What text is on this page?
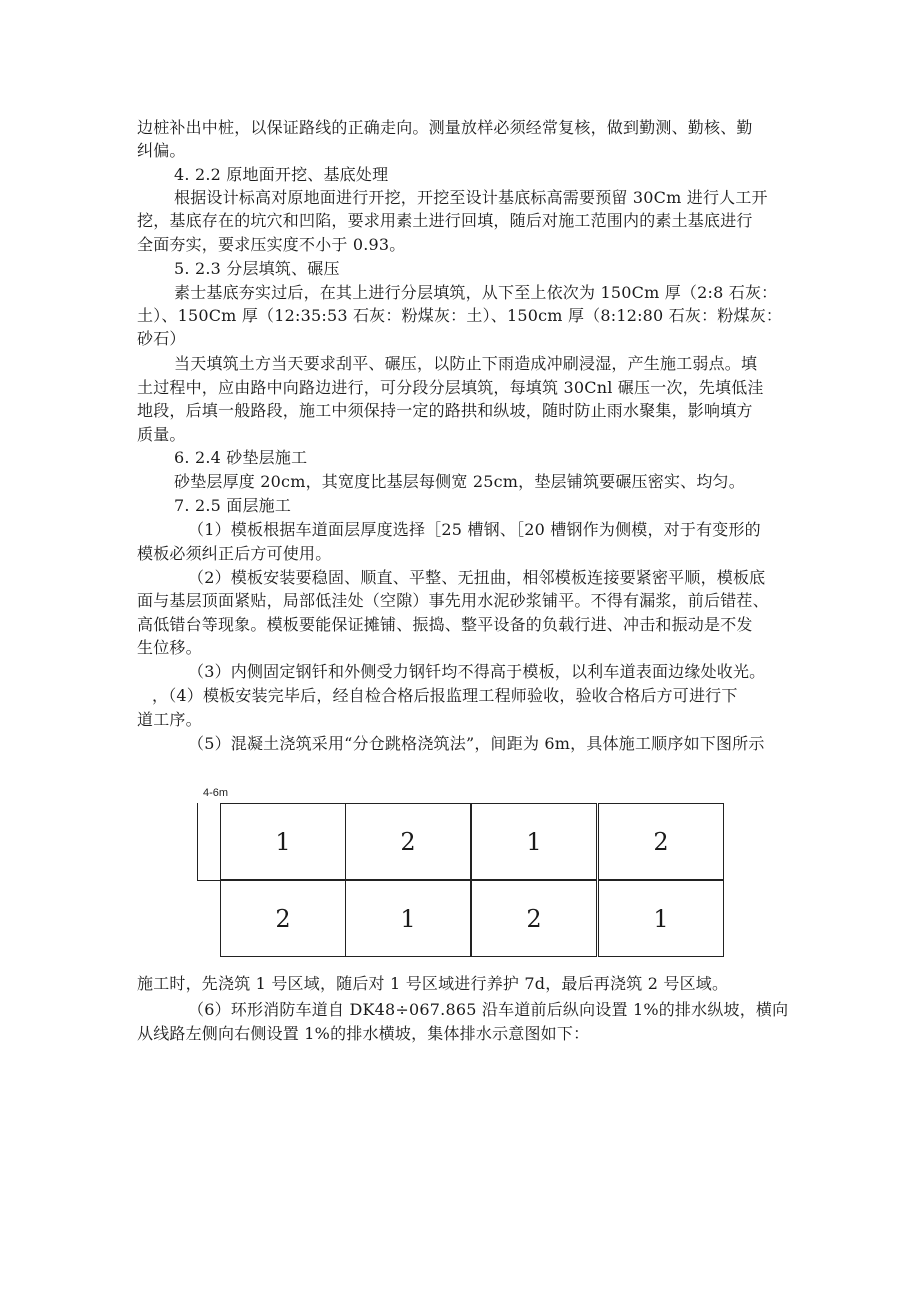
边桩补出中桩，以保证路线的正确走向。测量放样必须经常复核，做到勤测、勤核、勤
纠偏。
4. 2.2 原地面开挖、基底处理
根据设计标高对原地面进行开挖，开挖至设计基底标高需要预留 30Cm 进行人工开
挖，基底存在的坑穴和凹陷，要求用素土进行回填，随后对施工范围内的素土基底进行
全面夯实，要求压实度不小于 0.93。
5. 2.3 分层填筑、碾压
素士基底夯实过后，在其上进行分层填筑，从下至上依次为 150Cm 厚（2:8 石灰：
土）、150Cm 厚（12:35:53 石灰：粉煤灰：土）、150cm 厚（8:12:80 石灰：粉煤灰：
砂石）
当天填筑土方当天要求刮平、碾压，以防止下雨造成冲刷浸湿，产生施工弱点。填
土过程中，应由路中向路边进行，可分段分层填筑，每填筑 30Cnl 碾压一次，先填低洼
地段，后填一般路段，施工中须保持一定的路拱和纵坡，随时防止雨水聚集，影响填方
质量。
6. 2.4 砂垫层施工
砂垫层厚度 20cm，其宽度比基层每侧宽 25cm，垫层铺筑要碾压密实、均匀。
7. 2.5 面层施工
（1）模板根据车道面层厚度选择［25 槽钢、［20 槽钢作为侧模，对于有变形的
模板必须纠正后方可使用。
（2）模板安装要稳固、顺直、平整、无扭曲，相邻模板连接要紧密平顺，模板底
面与基层顶面紧贴，局部低洼处（空隙）事先用水泥砂浆铺平。不得有漏浆，前后错茬、
高低错台等现象。模板要能保证摊铺、振捣、整平设备的负载行进、冲击和振动是不发
生位移。
（3）内侧固定钢钎和外侧受力钢钎均不得高于模板，以利车道表面边缘处收光。
，（4）模板安装完毕后，经自检合格后报监理工程师验收，验收合格后方可进行下
道工序。
（5）混凝土浇筑采用“分仓跳格浇筑法”，间距为 6m，具体施工顺序如下图所示
4-6m
1	2	1	2
2	1	2	1
施工时，先浇筑 1 号区域，随后对 1 号区域进行养护 7d，最后再浇筑 2 号区域。
（6）环形消防车道自 DK48÷067.865 沿车道前后纵向设置 1%的排水纵坡，横向
从线路左侧向右侧设置 1%的排水横坡，集体排水示意图如下：
